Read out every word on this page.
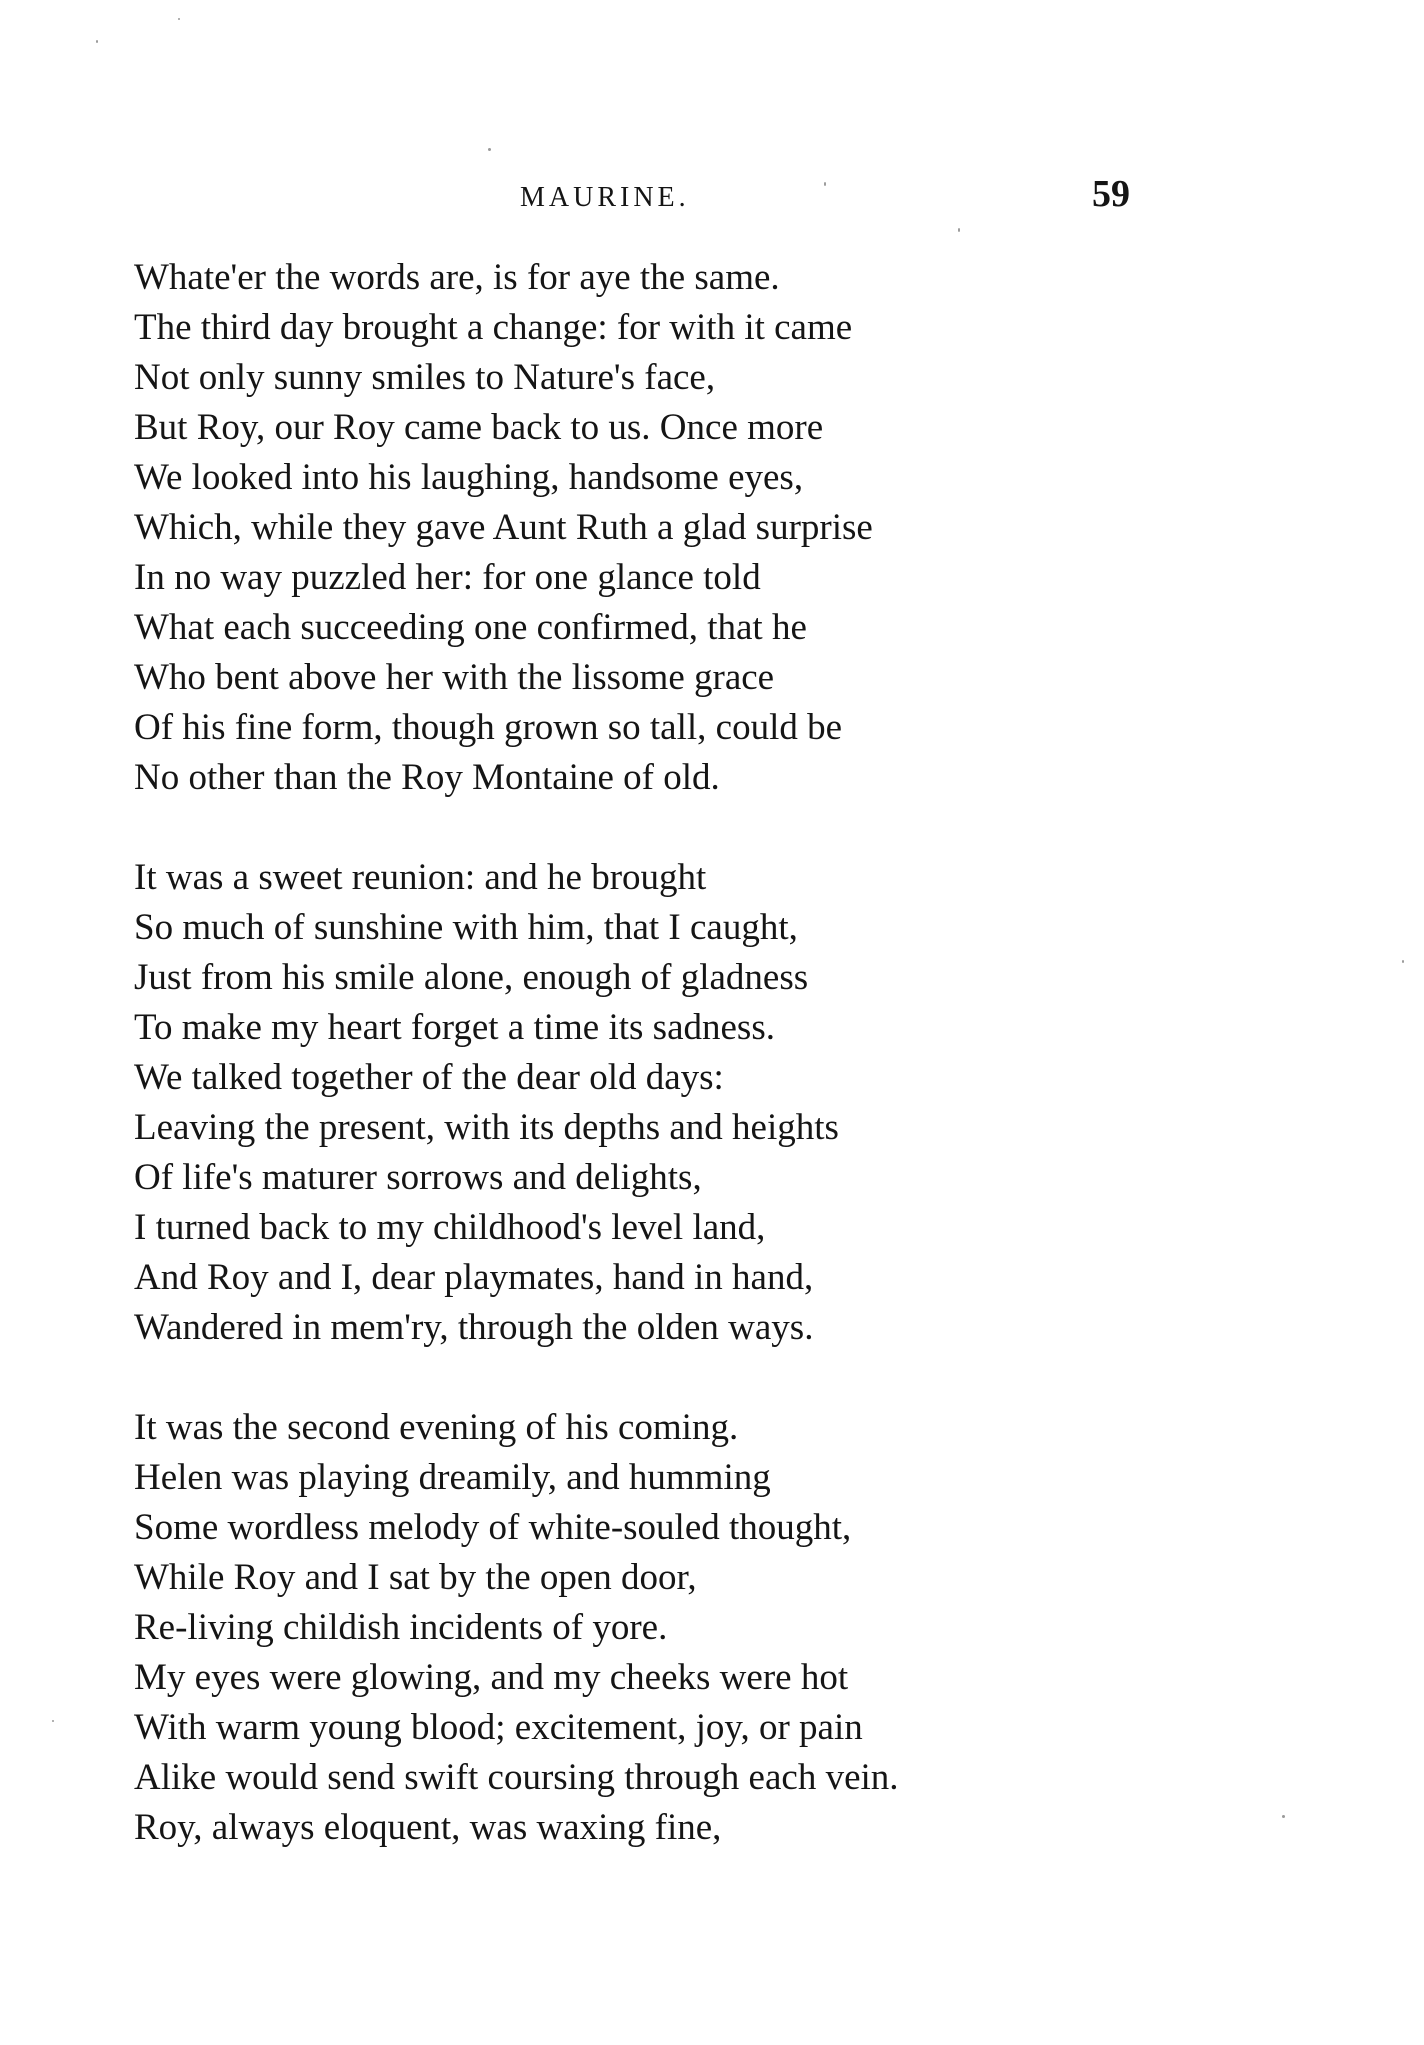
MAURINE.	59
Whate'er the words are, is for aye the same.
The third day brought a change: for with it came
Not only sunny smiles to Nature's face,
But Roy, our Roy came back to us. Once more
We looked into his laughing, handsome eyes,
Which, while they gave Aunt Ruth a glad surprise
In no way puzzled her: for one glance told
What each succeeding one confirmed, that he
Who bent above her with the lissome grace
Of his fine form, though grown so tall, could be
No other than the Roy Montaine of old.
It was a sweet reunion: and he brought
So much of sunshine with him, that I caught,
Just from his smile alone, enough of gladness
To make my heart forget a time its sadness.
We talked together of the dear old days:
Leaving the present, with its depths and heights
Of life's maturer sorrows and delights,
I turned back to my childhood's level land,
And Roy and I, dear playmates, hand in hand,
Wandered in mem'ry, through the olden ways.
It was the second evening of his coming.
Helen was playing dreamily, and humming
Some wordless melody of white-souled thought,
While Roy and I sat by the open door,
Re-living childish incidents of yore.
My eyes were glowing, and my cheeks were hot
With warm young blood; excitement, joy, or pain
Alike would send swift coursing through each vein.
Roy, always eloquent, was waxing fine,
